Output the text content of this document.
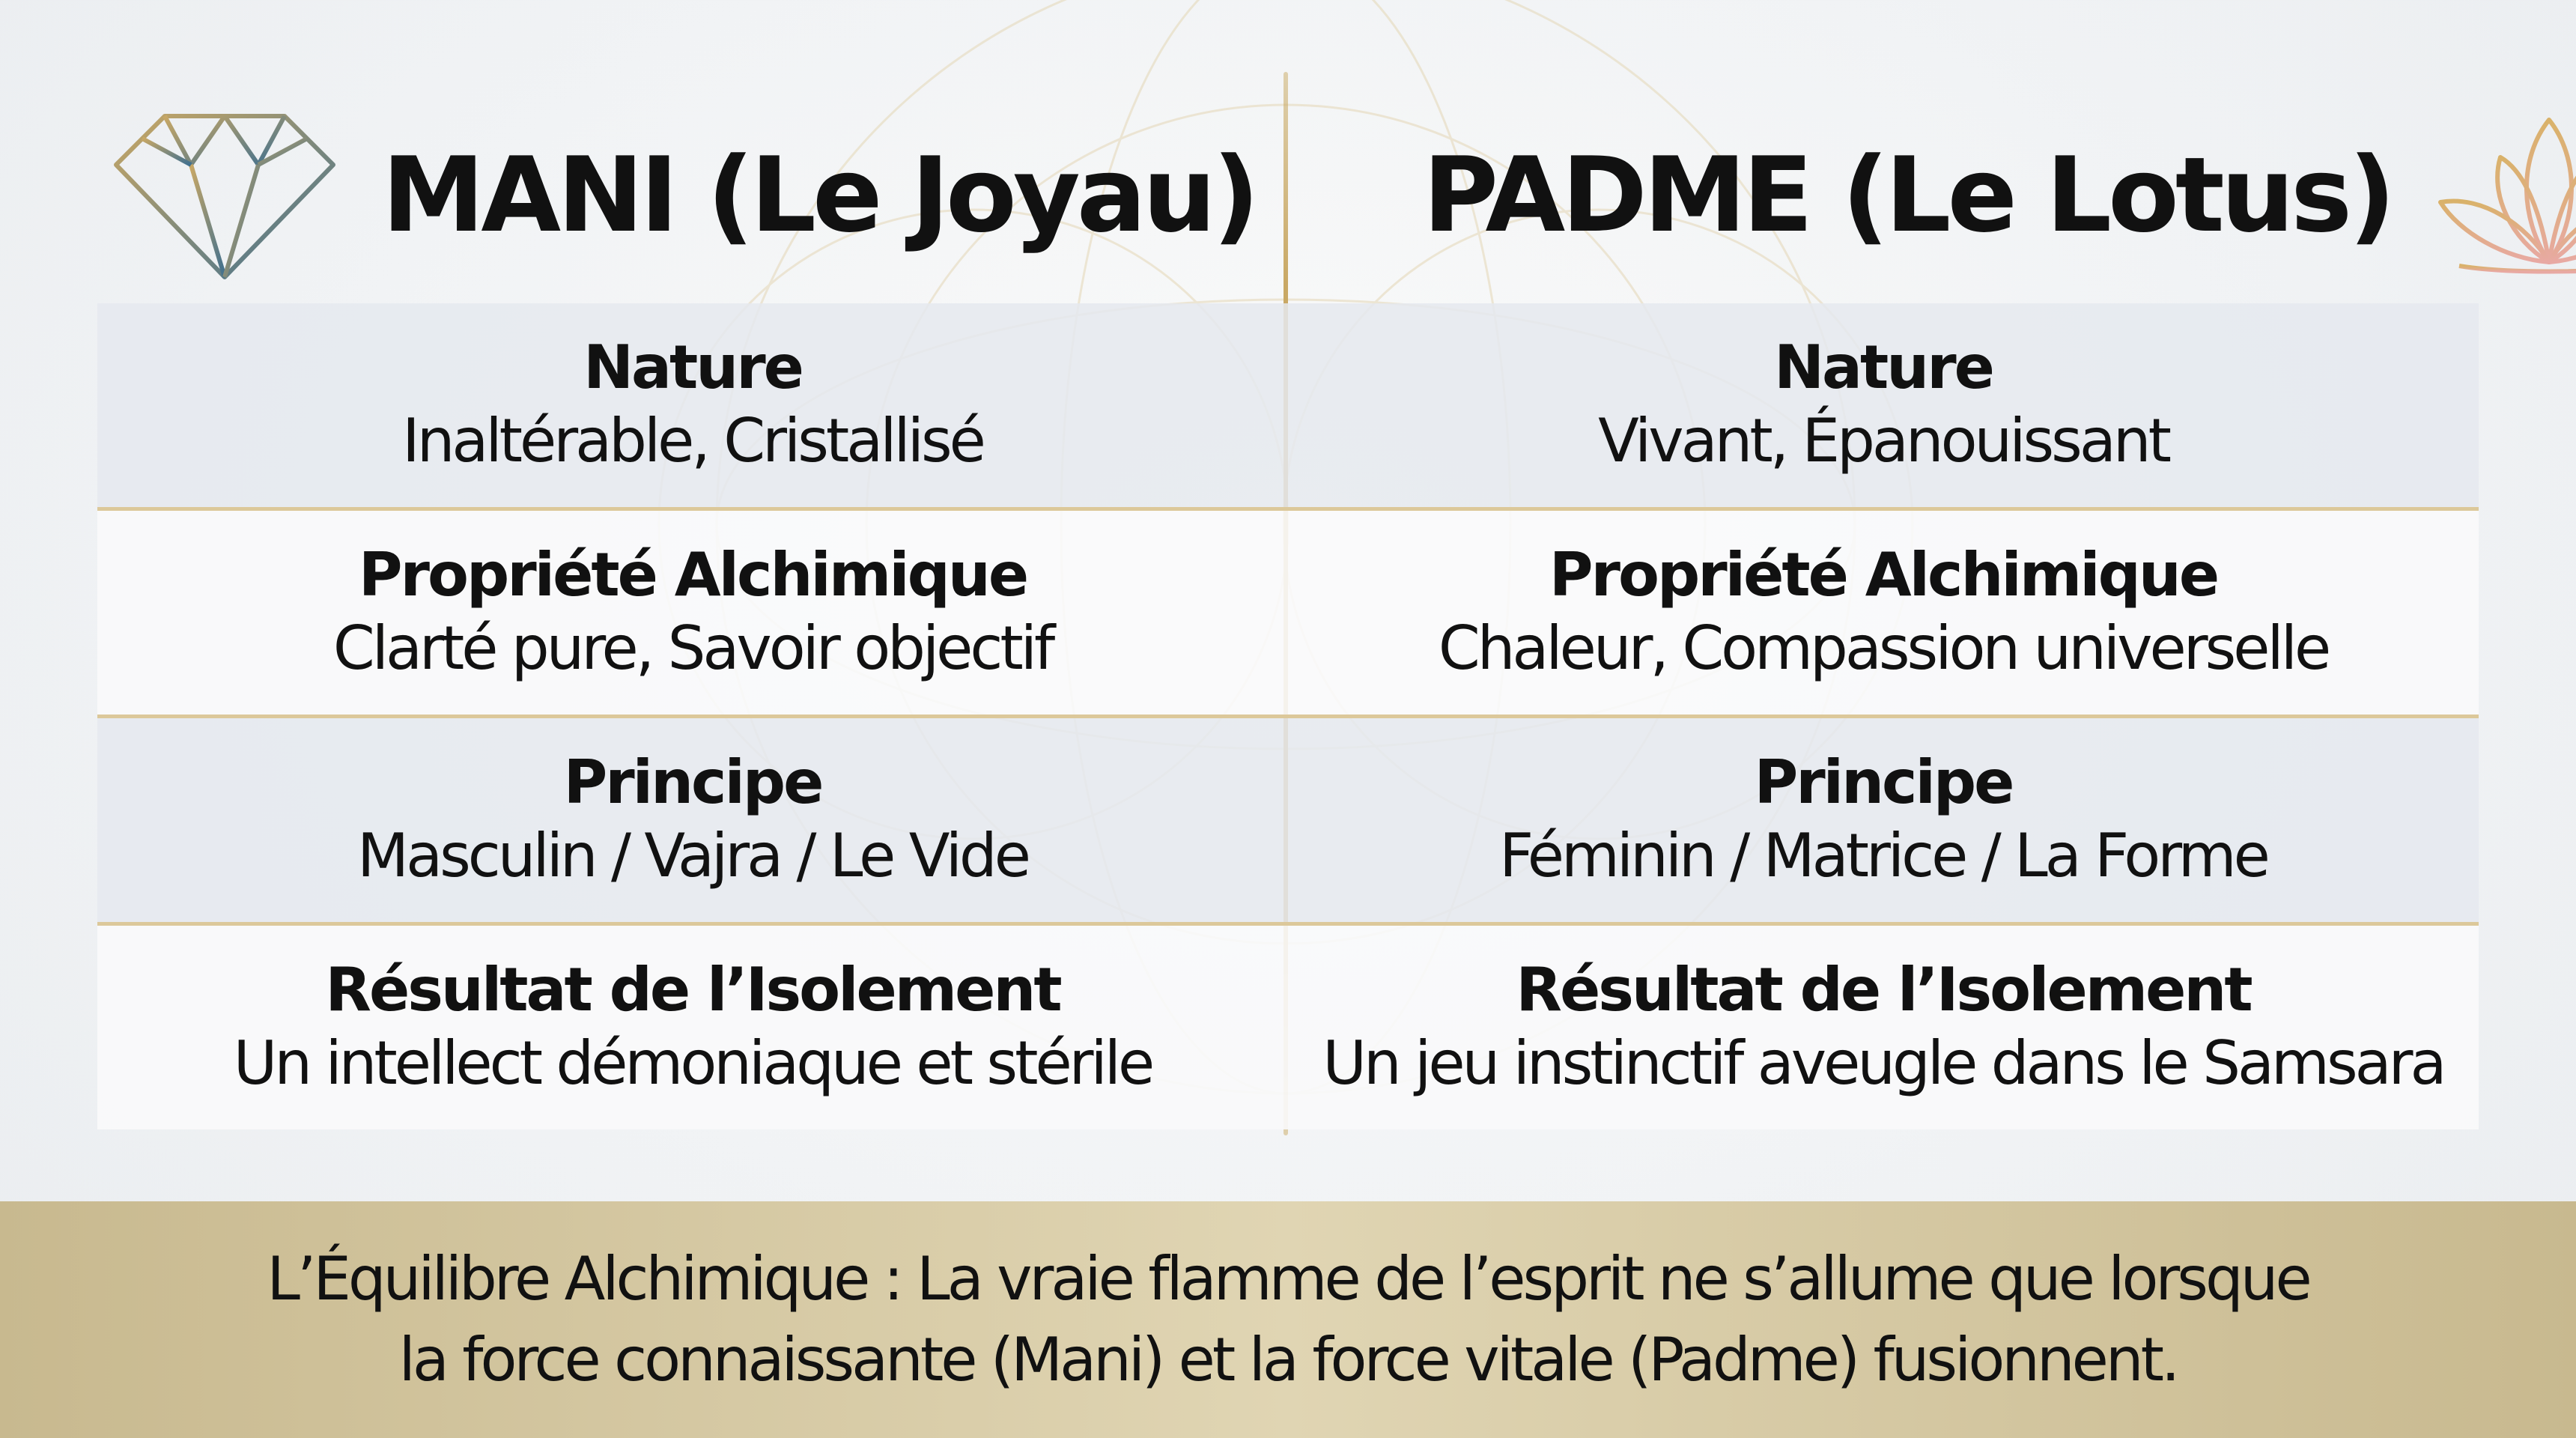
MANI (Le Joyau) PADME (Le Lotus)
Nature
Inaltérable, Cristallisé
Nature
Vivant, Épanouissant
Propriété Alchimique
Clarté pure, Savoir objectif
Propriété Alchimique
Chaleur, Compassion universelle
Principe
Masculin / Vajra / Le Vide
Principe
Féminin / Matrice / La Forme
Résultat de l’Isolement
Un intellect démoniaque et stérile
Résultat de l’Isolement
Un jeu instinctif aveugle dans le Samsara
L’Équilibre Alchimique : La vraie flamme de l’esprit ne s’allume que lorsque
la force connaissante (Mani) et la force vitale (Padme) fusionnent.
